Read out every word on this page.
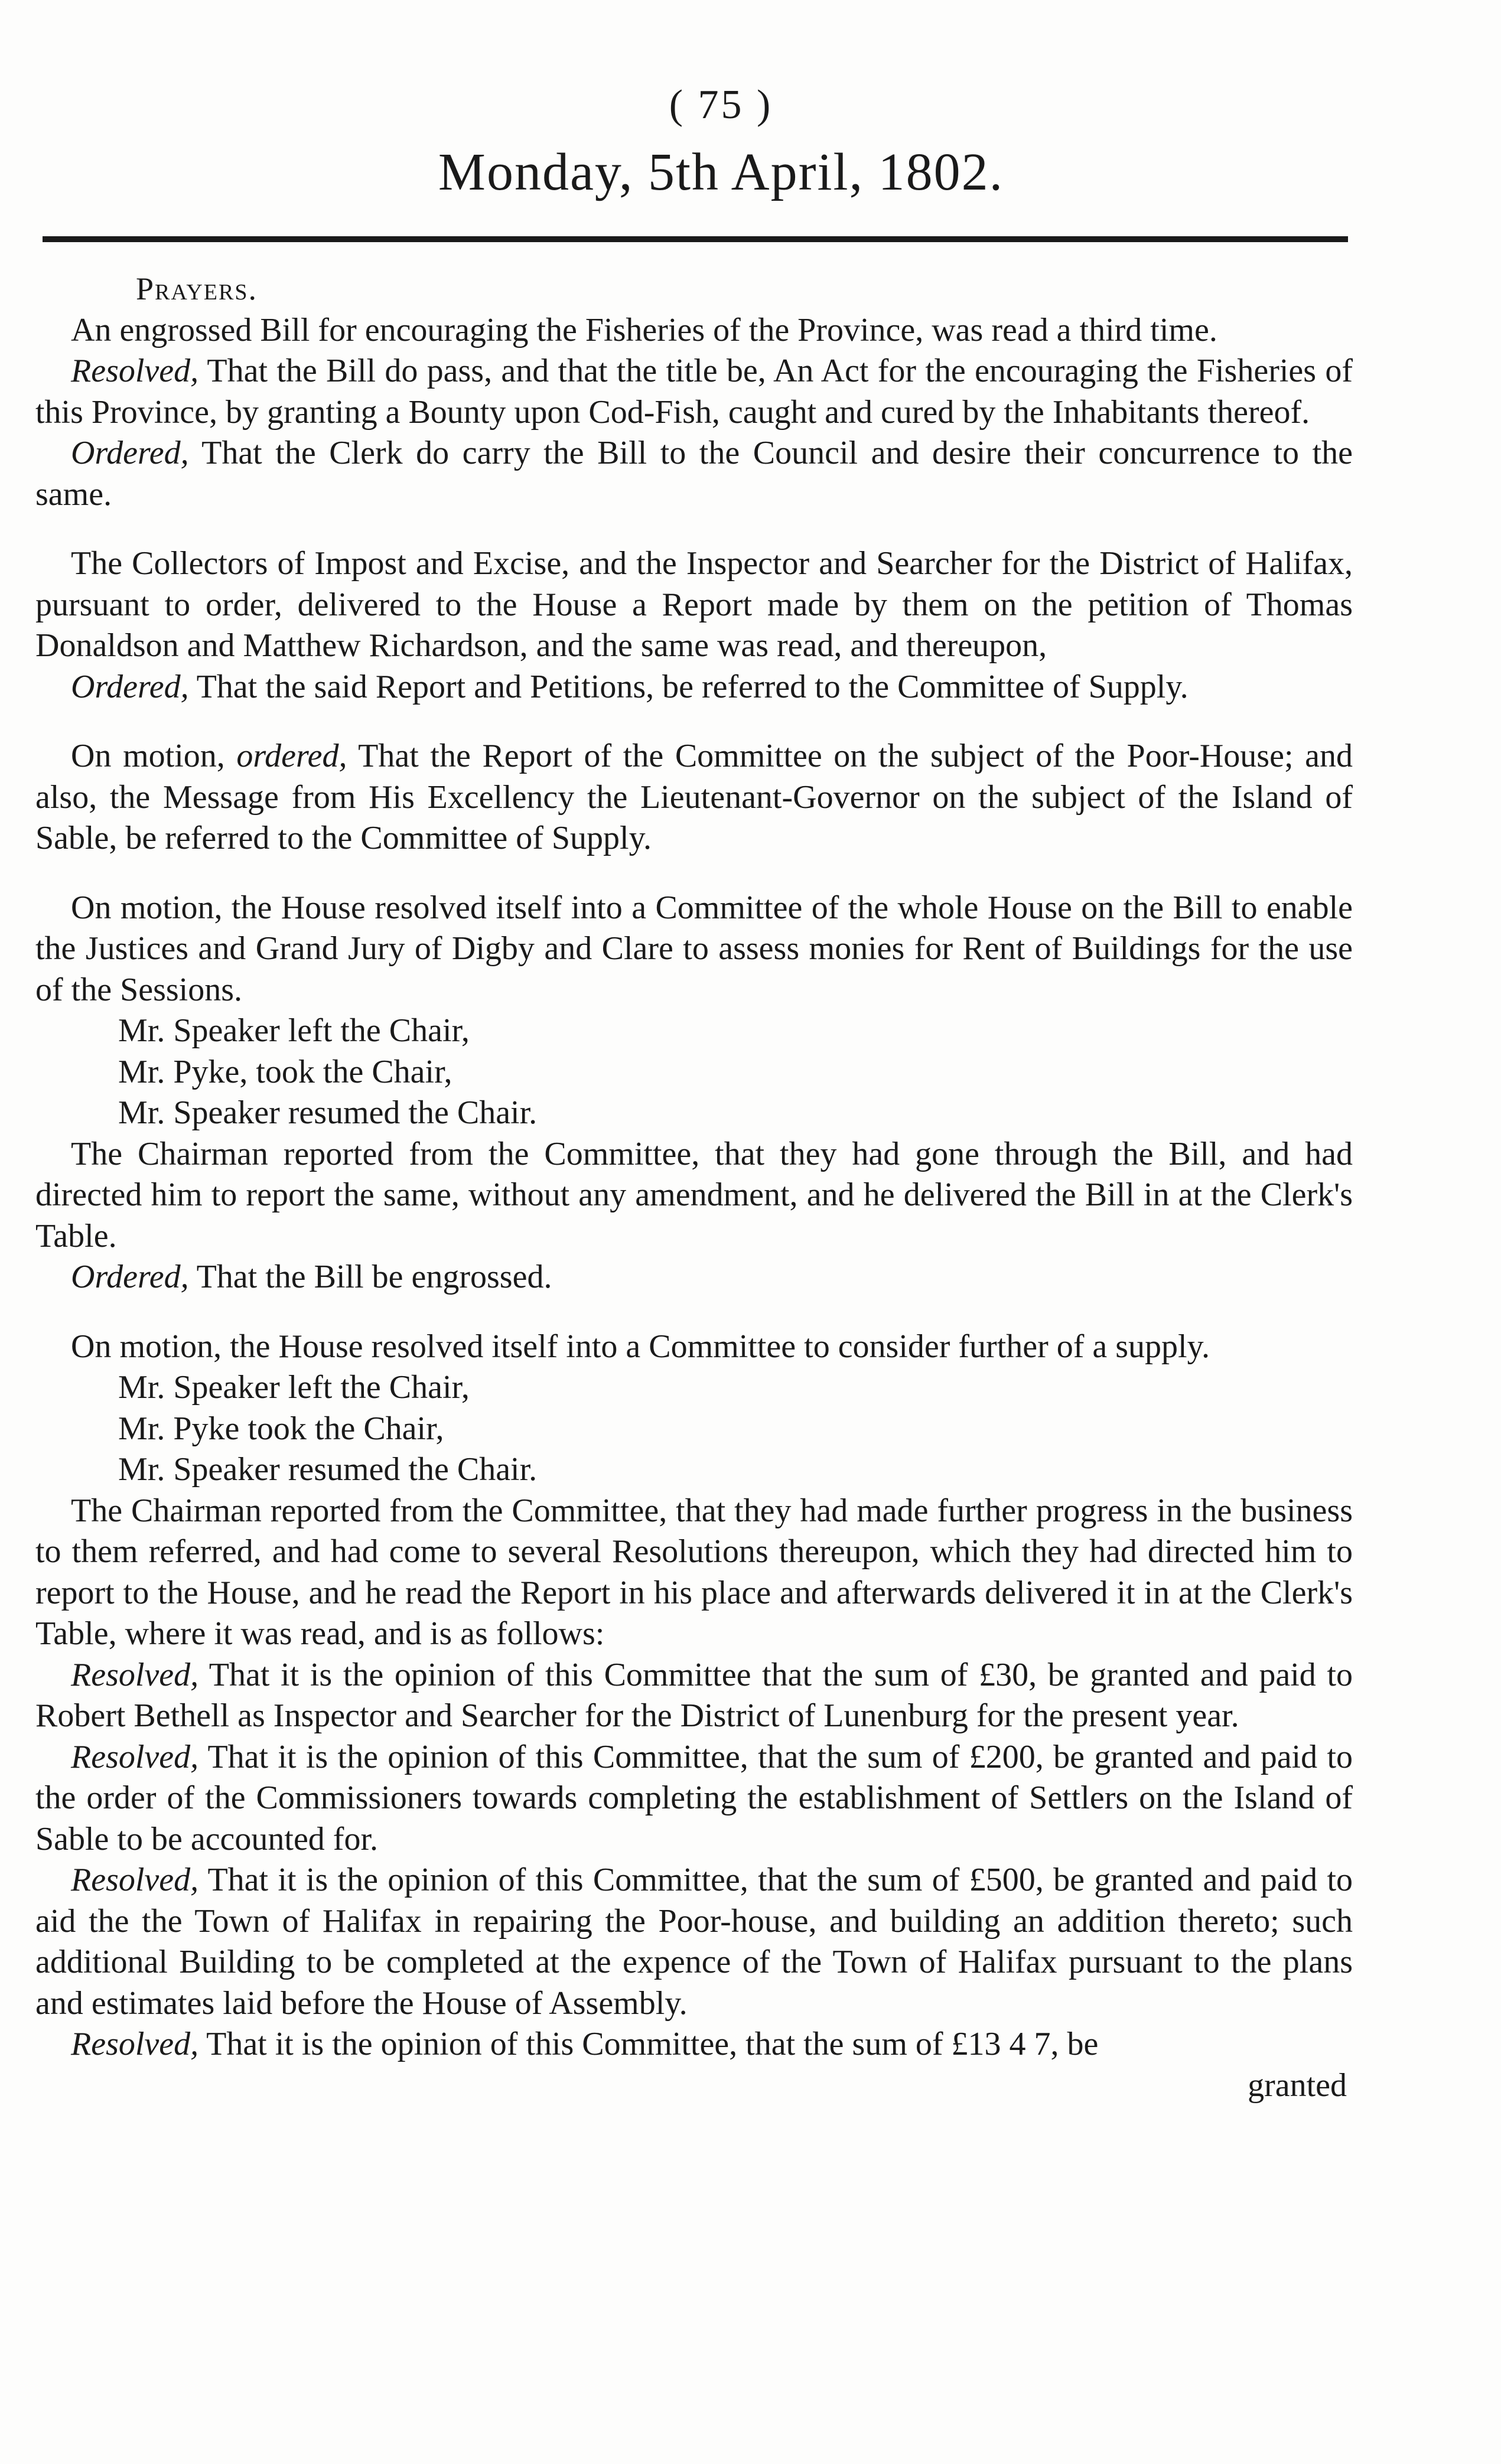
( 75 )
Monday, 5th April, 1802.

Prayers.

An engrossed Bill for encouraging the Fisheries of the Province, was read a third time.

Resolved, That the Bill do pass, and that the title be, An Act for the encouraging the Fisheries of this Province, by granting a Bounty upon Cod-Fish, caught and cured by the Inhabitants thereof.

Ordered, That the Clerk do carry the Bill to the Council and desire their concurrence to the same.

The Collectors of Impost and Excise, and the Inspector and Searcher for the District of Halifax, pursuant to order, delivered to the House a Report made by them on the petition of Thomas Donaldson and Matthew Richardson, and the same was read, and thereupon,

Ordered, That the said Report and Petitions, be referred to the Committee of Supply.

On motion, ordered, That the Report of the Committee on the subject of the Poor-House; and also, the Message from His Excellency the Lieutenant-Governor on the subject of the Island of Sable, be referred to the Committee of Supply.

On motion, the House resolved itself into a Committee of the whole House on the Bill to enable the Justices and Grand Jury of Digby and Clare to assess monies for Rent of Buildings for the use of the Sessions.

Mr. Speaker left the Chair,

Mr. Pyke, took the Chair,

Mr. Speaker resumed the Chair.

The Chairman reported from the Committee, that they had gone through the Bill, and had directed him to report the same, without any amendment, and he delivered the Bill in at the Clerk's Table.

Ordered, That the Bill be engrossed.

On motion, the House resolved itself into a Committee to consider further of a supply.

Mr. Speaker left the Chair,

Mr. Pyke took the Chair,

Mr. Speaker resumed the Chair.

The Chairman reported from the Committee, that they had made further progress in the business to them referred, and had come to several Resolutions thereupon, which they had directed him to report to the House, and he read the Report in his place and afterwards delivered it in at the Clerk's Table, where it was read, and is as follows:

Resolved, That it is the opinion of this Committee that the sum of £30, be granted and paid to Robert Bethell as Inspector and Searcher for the District of Lunenburg for the present year.

Resolved, That it is the opinion of this Committee, that the sum of £200, be granted and paid to the order of the Commissioners towards completing the establishment of Settlers on the Island of Sable to be accounted for.

Resolved, That it is the opinion of this Committee, that the sum of £500, be granted and paid to aid the the Town of Halifax in repairing the Poor-house, and building an addition thereto; such additional Building to be completed at the expence of the Town of Halifax pursuant to the plans and estimates laid before the House of Assembly.

Resolved, That it is the opinion of this Committee, that the sum of £13 4 7, be

granted
